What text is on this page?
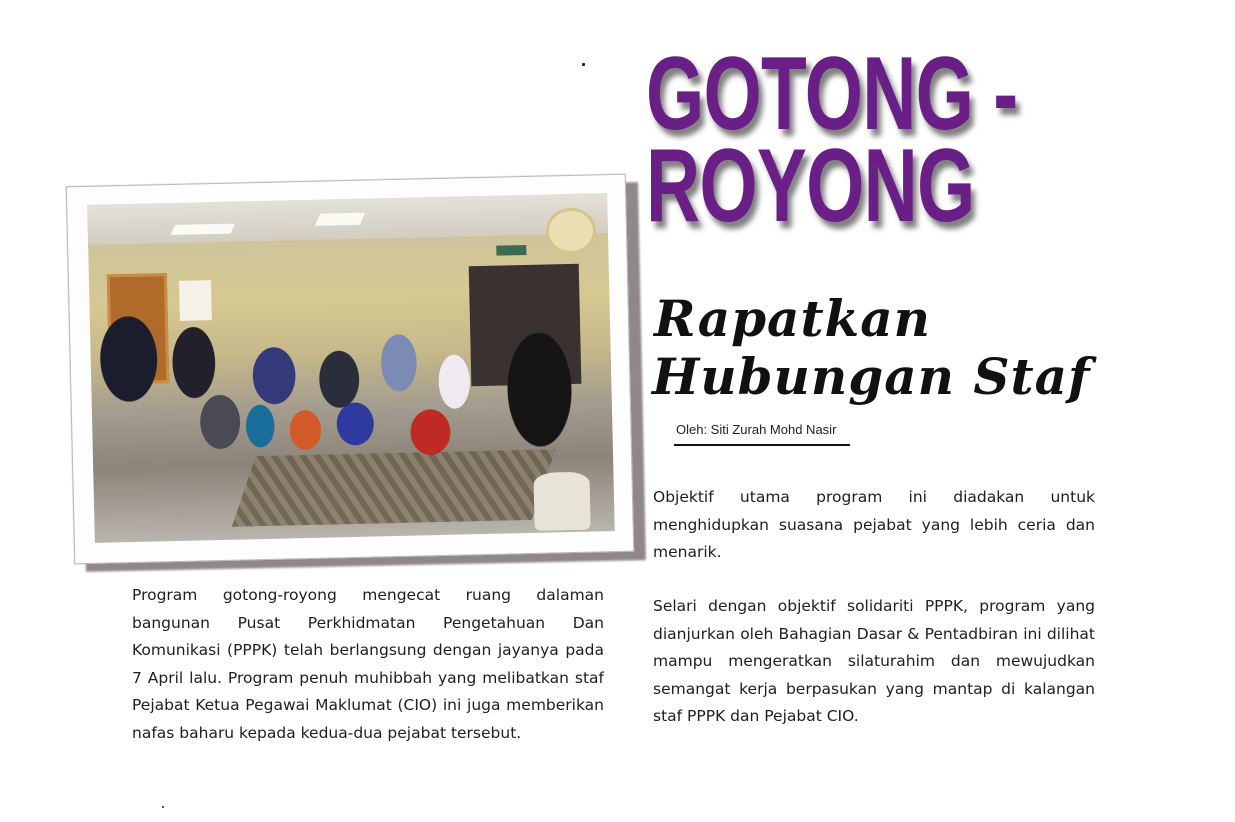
GOTONG -
ROYONG
Rapatkan
Hubungan Staf
Oleh: Siti Zurah Mohd Nasir

Program gotong-royong mengecat ruang dalaman bangunan Pusat Perkhidmatan Pengetahuan Dan Komunikasi (PPPK) telah berlangsung dengan jayanya pada 7 April lalu. Program penuh muhibbah yang melibatkan staf Pejabat Ketua Pegawai Maklumat (CIO) ini juga memberikan nafas baharu kepada kedua-dua pejabat tersebut.

Objektif utama program ini diadakan untuk menghidupkan suasana pejabat yang lebih ceria dan menarik.

Selari dengan objektif solidariti PPPK, program yang dianjurkan oleh Bahagian Dasar & Pentadbiran ini dilihat mampu mengeratkan silaturahim dan mewujudkan semangat kerja berpasukan yang mantap di kalangan staf PPPK dan Pejabat CIO.
